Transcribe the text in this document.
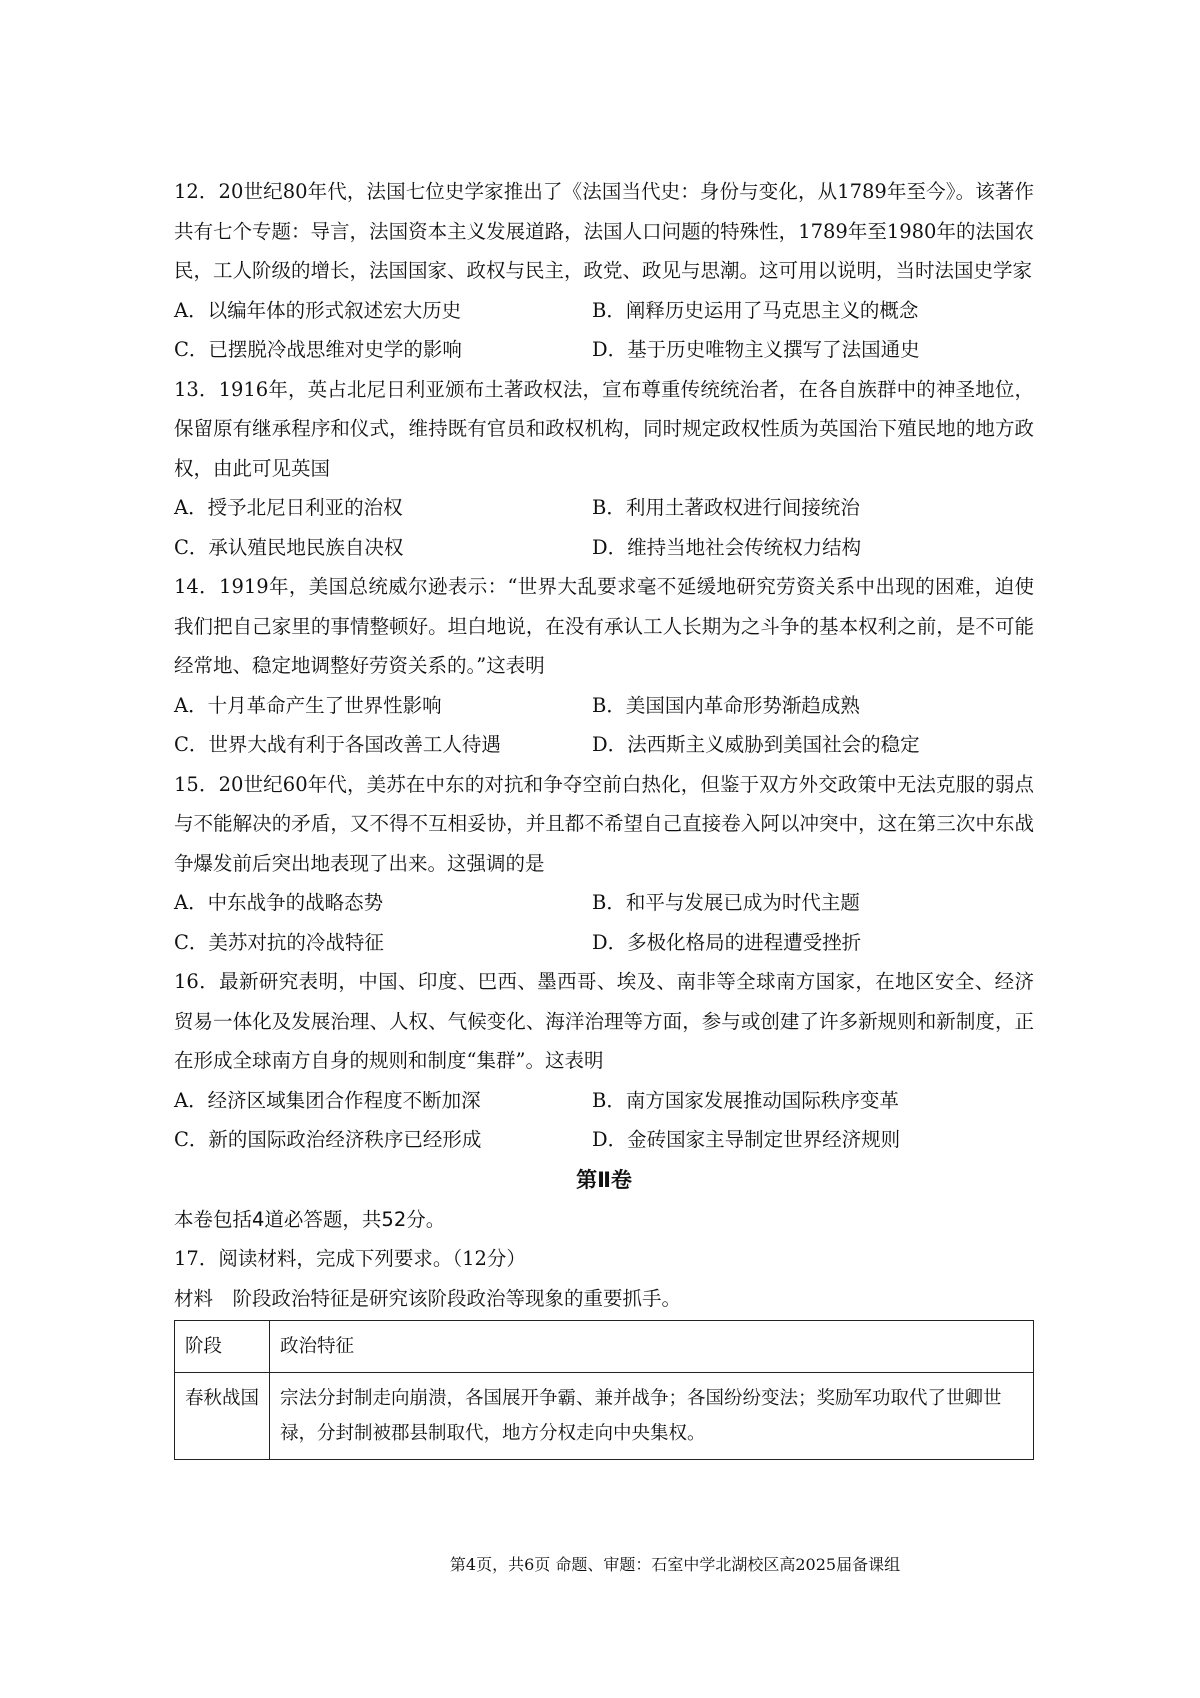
12．20世纪80年代，法国七位史学家推出了《法国当代史：身份与变化，从1789年至今》。该著作共有七个专题：导言，法国资本主义发展道路，法国人口问题的特殊性，1789年至1980年的法国农民，工人阶级的增长，法国国家、政权与民主，政党、政见与思潮。这可用以说明，当时法国史学家
A．以编年体的形式叙述宏大历史	B．阐释历史运用了马克思主义的概念
C．已摆脱冷战思维对史学的影响	D．基于历史唯物主义撰写了法国通史
13．1916年，英占北尼日利亚颁布土著政权法，宣布尊重传统统治者，在各自族群中的神圣地位，保留原有继承程序和仪式，维持既有官员和政权机构，同时规定政权性质为英国治下殖民地的地方政权，由此可见英国
A．授予北尼日利亚的治权	B．利用土著政权进行间接统治
C．承认殖民地民族自决权	D．维持当地社会传统权力结构
14．1919年，美国总统威尔逊表示：“世界大乱要求毫不延缓地研究劳资关系中出现的困难，迫使我们把自己家里的事情整顿好。坦白地说，在没有承认工人长期为之斗争的基本权利之前，是不可能经常地、稳定地调整好劳资关系的。”这表明
A．十月革命产生了世界性影响	B．美国国内革命形势渐趋成熟
C．世界大战有利于各国改善工人待遇	D．法西斯主义威胁到美国社会的稳定
15．20世纪60年代，美苏在中东的对抗和争夺空前白热化，但鉴于双方外交政策中无法克服的弱点与不能解决的矛盾，又不得不互相妥协，并且都不希望自己直接卷入阿以冲突中，这在第三次中东战争爆发前后突出地表现了出来。这强调的是
A．中东战争的战略态势	B．和平与发展已成为时代主题
C．美苏对抗的冷战特征	D．多极化格局的进程遭受挫折
16．最新研究表明，中国、印度、巴西、墨西哥、埃及、南非等全球南方国家，在地区安全、经济贸易一体化及发展治理、人权、气候变化、海洋治理等方面，参与或创建了许多新规则和新制度，正在形成全球南方自身的规则和制度“集群”。这表明
A．经济区域集团合作程度不断加深	B．南方国家发展推动国际秩序变革
C．新的国际政治经济秩序已经形成	D．金砖国家主导制定世界经济规则
第Ⅱ卷
本卷包括4道必答题，共52分。
17．阅读材料，完成下列要求。（12分）
材料　阶段政治特征是研究该阶段政治等现象的重要抓手。
阶段	政治特征
春秋战国	宗法分封制走向崩溃，各国展开争霸、兼并战争；各国纷纷变法；奖励军功取代了世卿世禄，分封制被郡县制取代，地方分权走向中央集权。
第4页，共6页 命题、审题：石室中学北湖校区高2025届备课组
